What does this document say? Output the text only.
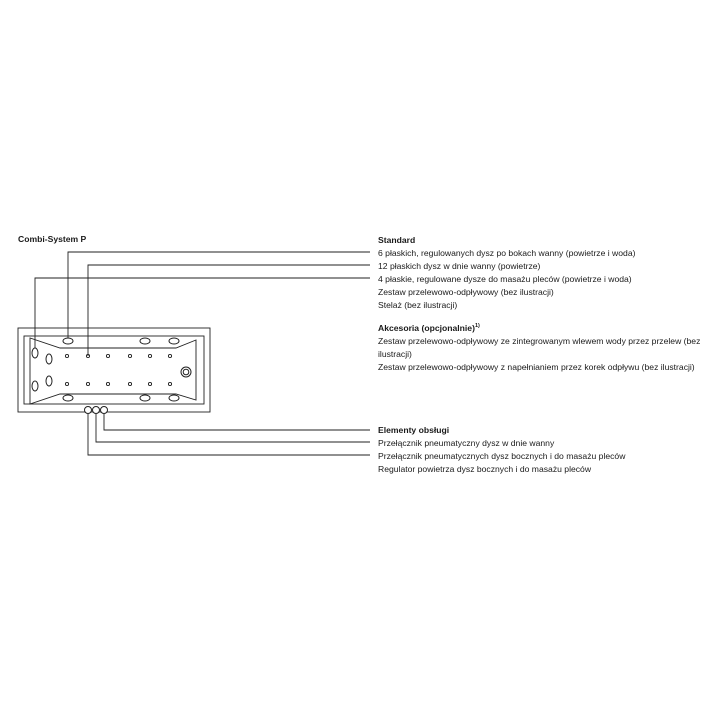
Combi-System P	Standard
6 płaskich, regulowanych dysz po bokach wanny (powietrze i woda)
12 płaskich dysz w dnie wanny (powietrze)
4 płaskie, regulowane dysze do masażu pleców (powietrze i woda)
Zestaw przelewowo-odpływowy (bez ilustracji)
Stelaż (bez ilustracji)
Akcesoria (opcjonalnie)$^{1)}$
Zestaw przelewowo-odpływowy ze zintegrowanym wlewem wody przez przelew (bez ilustracji)
Zestaw przelewowo-odpływowy z napełnianiem przez korek odpływu (bez ilustracji)
Elementy obsługi
Przełącznik pneumatyczny dysz w dnie wanny
Przełącznik pneumatycznych dysz bocznych i do masażu pleców
Regulator powietrza dysz bocznych i do masażu pleców
